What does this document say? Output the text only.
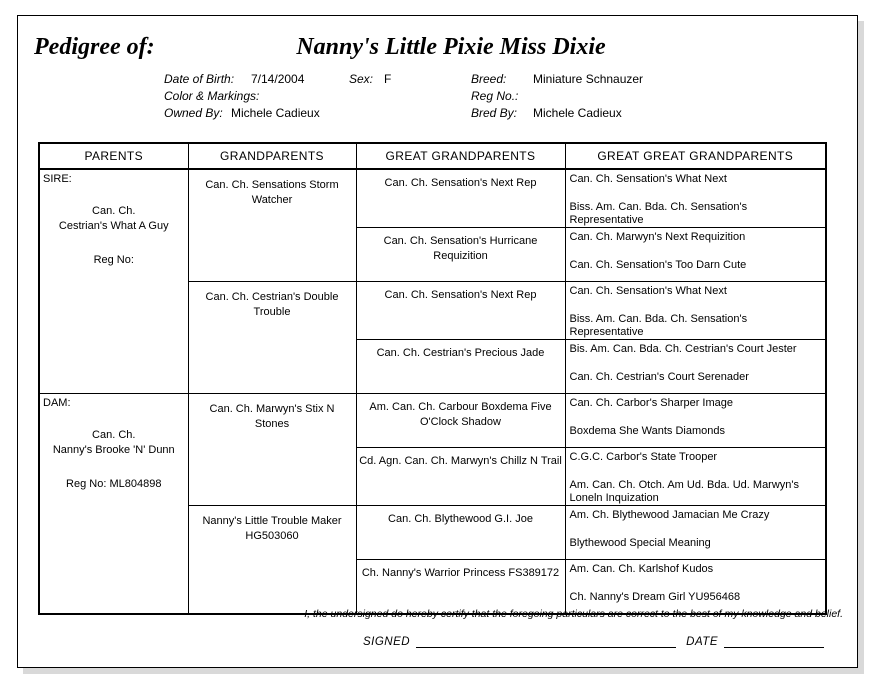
Pedigree of:	Nanny's Little Pixie Miss Dixie
Date of Birth: 7/14/2004	Sex: F	Breed: Miniature Schnauzer
Color & Markings:	Reg No.:
Owned By: Michele Cadieux	Bred By: Michele Cadieux
PARENTS	GRANDPARENTS	GREAT GRANDPARENTS	GREAT GREAT GRANDPARENTS

SIRE:
Can. Ch.
Cestrian's What A Guy
Reg No:
	Can. Ch. Sensations Storm Watcher	Can. Ch. Sensation's Next Rep	Can. Ch. Sensation's What Next
Biss. Am. Can. Bda. Ch. Sensation's Representative

		Can. Ch. Sensation's Hurricane Requizition	Can. Ch. Marwyn's Next Requizition
Can. Ch. Sensation's Too Darn Cute

	Can. Ch. Cestrian's Double Trouble	Can. Ch. Sensation's Next Rep	Can. Ch. Sensation's What Next
Biss. Am. Can. Bda. Ch. Sensation's Representative

		Can. Ch. Cestrian's Precious Jade	Bis. Am. Can. Bda. Ch. Cestrian's Court Jester
Can. Ch. Cestrian's Court Serenader

DAM:
Can. Ch.
Nanny's Brooke 'N' Dunn
Reg No: ML804898
	Can. Ch. Marwyn's Stix N Stones	Am. Can. Ch. Carbour Boxdema Five O'Clock Shadow	
Can. Ch. Carbor's Sharper Image
Boxdema She Wants Diamonds

		Cd. Agn. Can. Ch. Marwyn's Chillz N Trail	C.G.C. Carbor's State Trooper
Am. Can. Ch. Otch. Am Ud. Bda. Ud. Marwyn's Loneln Inquization

	Nanny's Little Trouble Maker HG503060	Can. Ch. Blythewood G.I. Joe	Am. Ch. Blythewood Jamacian Me Crazy
Blythewood Special Meaning

		Ch. Nanny's Warrior Princess FS389172	Am. Can. Ch. Karlshof Kudos
Ch. Nanny's Dream Girl YU956468
I, the undersigned do hereby certify that the foregoing particulars are correct to the best of my knowledge and belief.
SIGNED	DATE
